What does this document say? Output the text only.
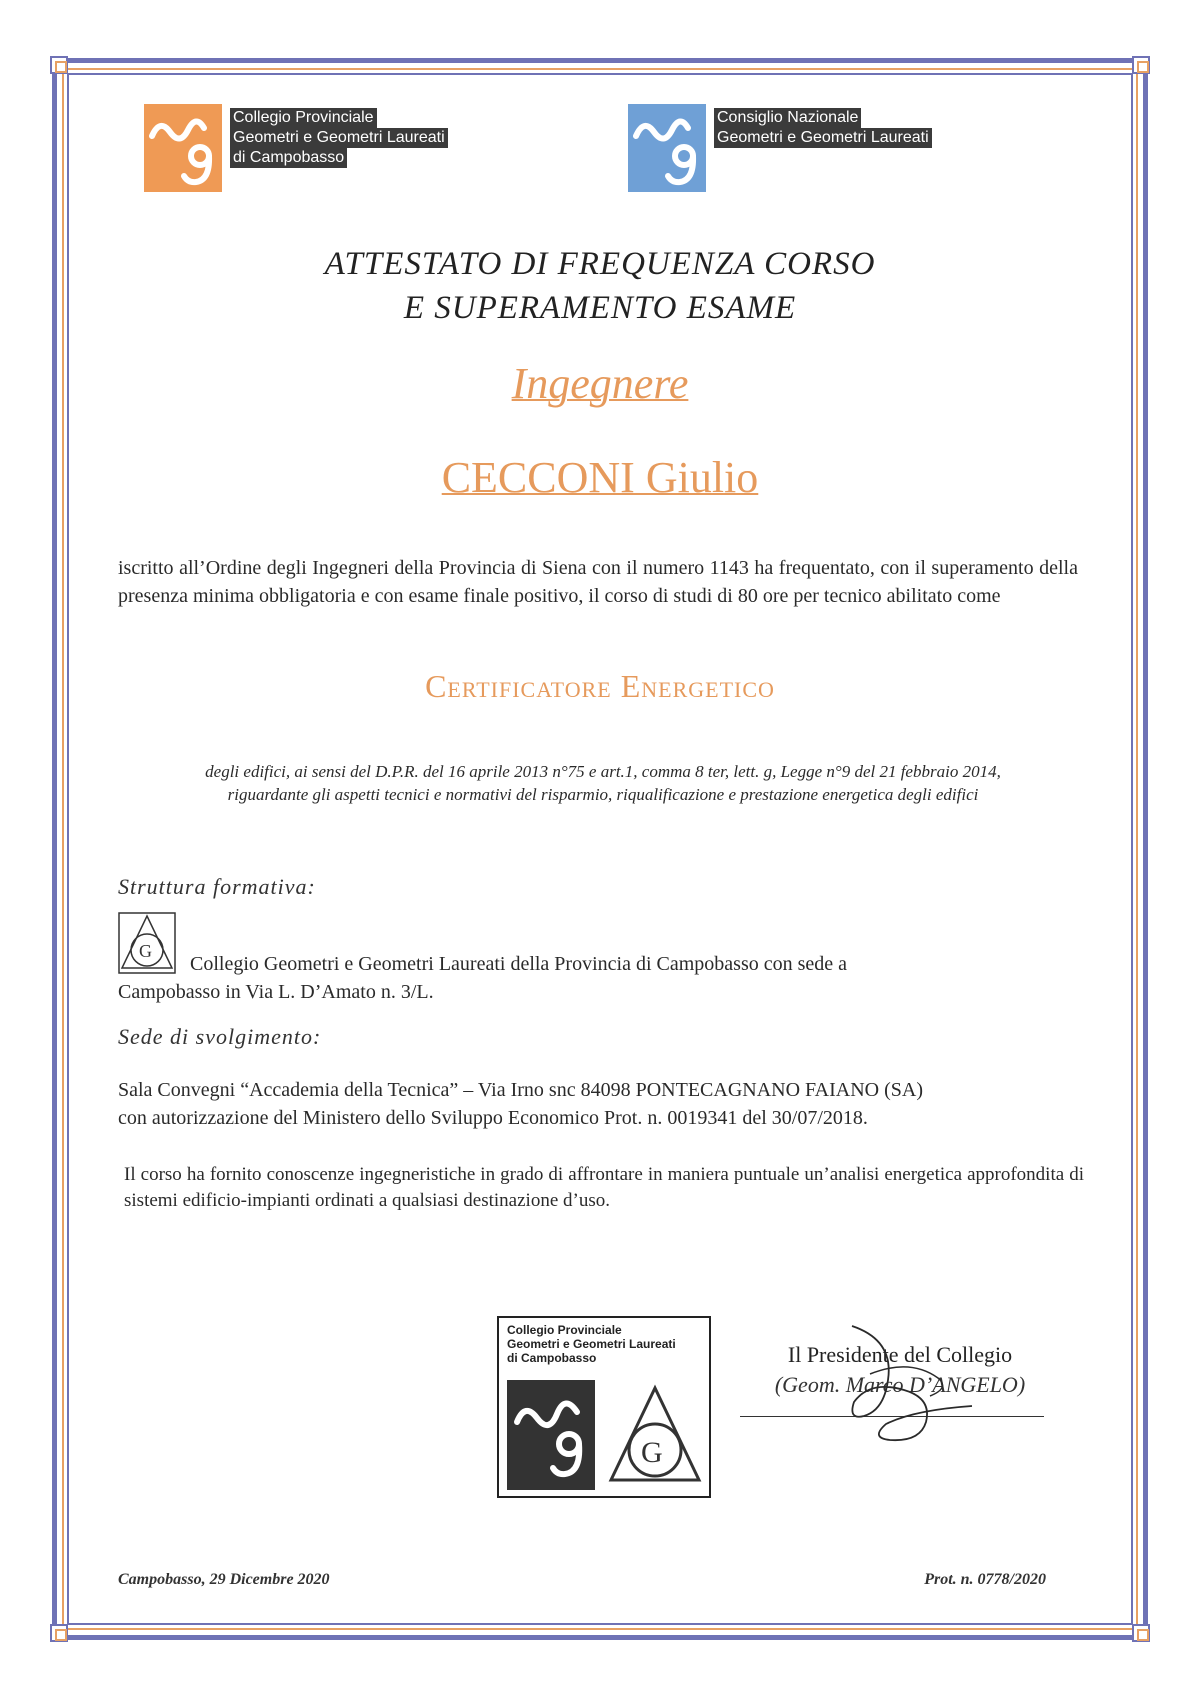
Collegio Provinciale
Geometri e Geometri Laureati
di Campobasso
Consiglio Nazionale
Geometri e Geometri Laureati
ATTESTATO DI FREQUENZA CORSO
E SUPERAMENTO ESAME
Ingegnere
CECCONI Giulio
iscritto all’Ordine degli Ingegneri della Provincia di Siena con il numero 1143 ha frequentato, con il superamento della presenza minima obbligatoria e con esame finale positivo, il corso di studi di 80 ore per tecnico abilitato come
Certificatore Energetico
degli edifici, ai sensi del D.P.R. del 16 aprile 2013 n°75 e art.1, comma 8 ter, lett. g, Legge n°9 del 21 febbraio 2014,
riguardante gli aspetti tecnici e normativi del risparmio, riqualificazione e prestazione energetica degli edifici
Struttura formativa:
G
Collegio Geometri e Geometri Laureati della Provincia di Campobasso con sede a
Campobasso in Via L. D’Amato n. 3/L.
Sede di svolgimento:
Sala Convegni “Accademia della Tecnica” – Via Irno snc 84098 PONTECAGNANO FAIANO (SA)
con autorizzazione del Ministero dello Sviluppo Economico Prot. n. 0019341 del 30/07/2018.
Il corso ha fornito conoscenze ingegneristiche in grado di affrontare in maniera puntuale un’analisi energetica approfondita di sistemi edificio-impianti ordinati a qualsiasi destinazione d’uso.
Collegio Provinciale
Geometri e Geometri Laureati
di Campobasso
G
Il Presidente del Collegio
(Geom. Marco D’ANGELO)
Campobasso, 29 Dicembre 2020	Prot. n. 0778/2020
